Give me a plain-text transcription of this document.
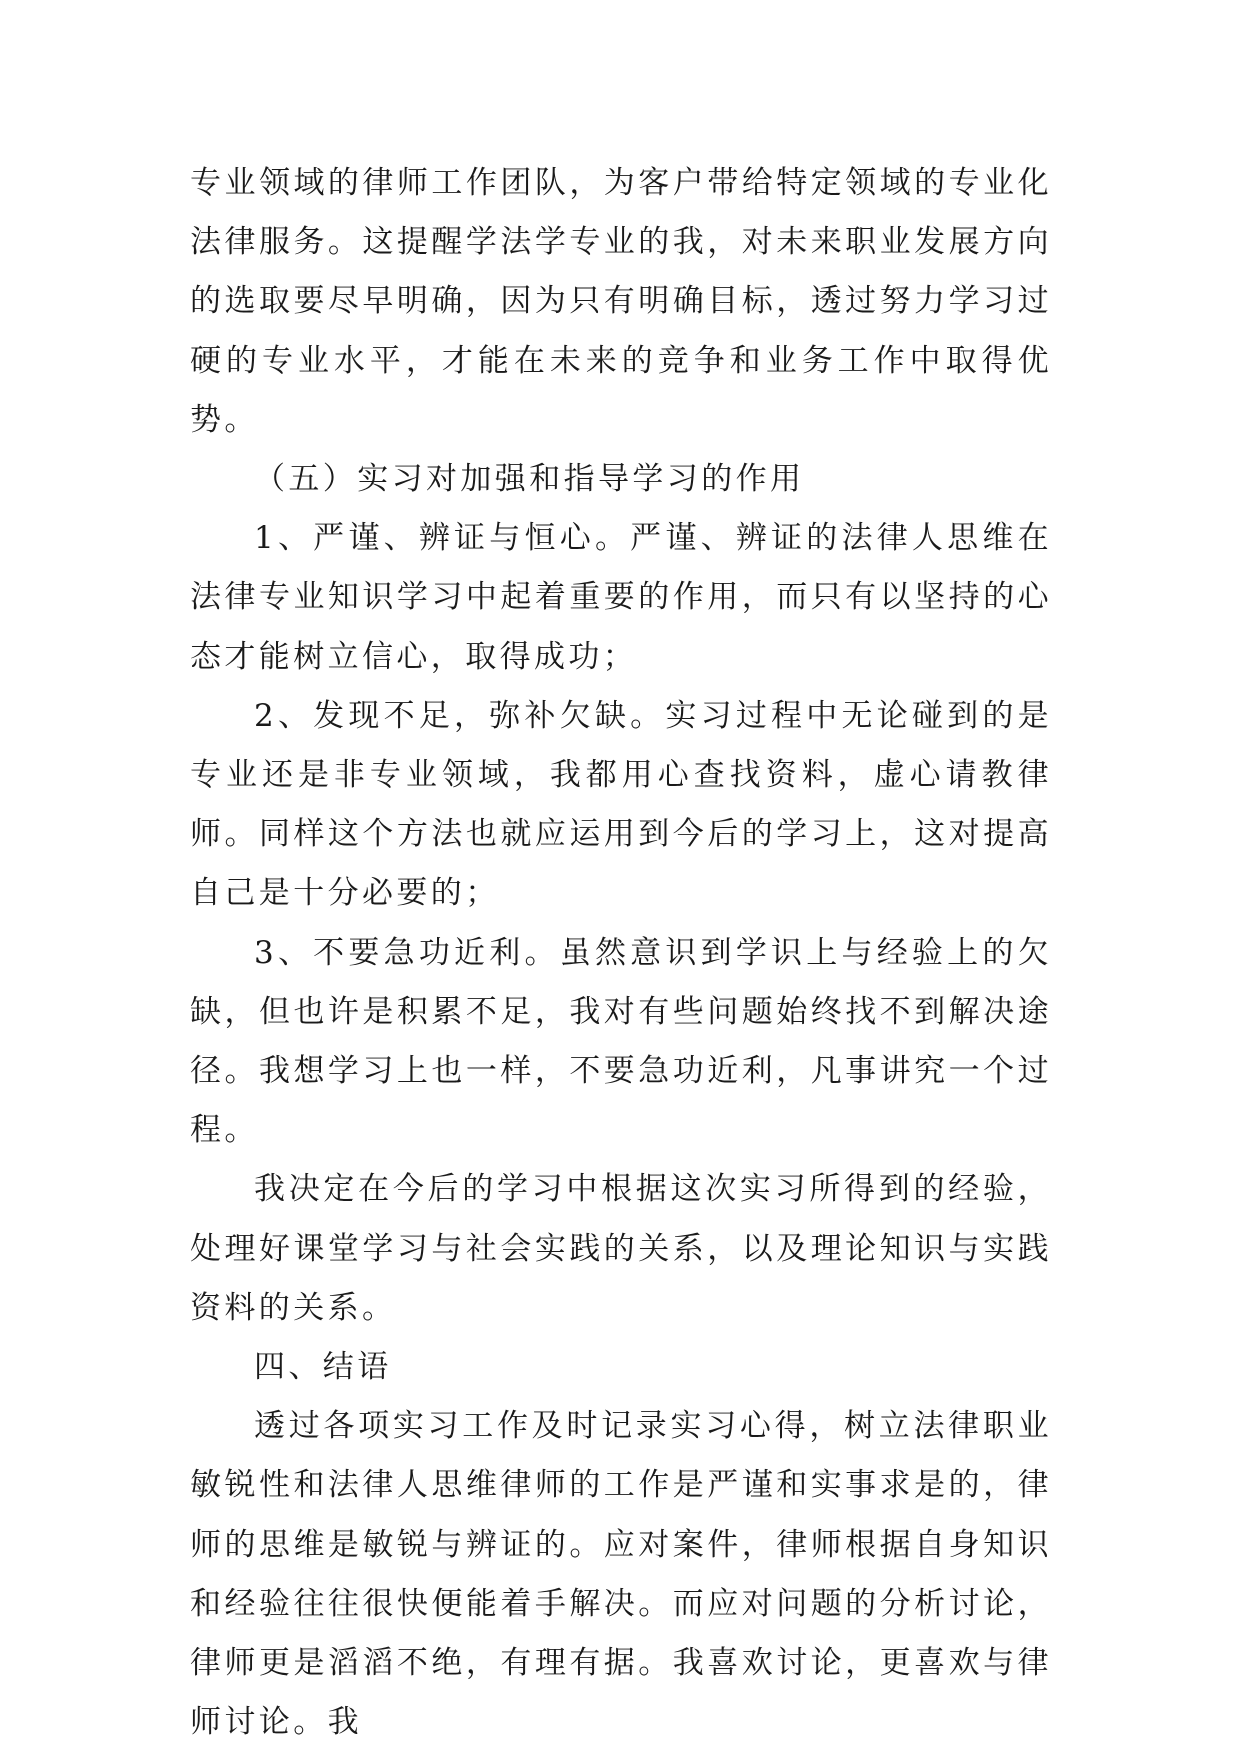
专业领域的律师工作团队，为客户带给特定领域的专业化法律服务。这提醒学法学专业的我，对未来职业发展方向的选取要尽早明确，因为只有明确目标，透过努力学习过硬的专业水平，才能在未来的竞争和业务工作中取得优势。

（五）实习对加强和指导学习的作用

1、严谨、辨证与恒心。严谨、辨证的法律人思维在法律专业知识学习中起着重要的作用，而只有以坚持的心态才能树立信心，取得成功；

2、发现不足，弥补欠缺。实习过程中无论碰到的是专业还是非专业领域，我都用心查找资料，虚心请教律师。同样这个方法也就应运用到今后的学习上，这对提高自己是十分必要的；

3、不要急功近利。虽然意识到学识上与经验上的欠缺，但也许是积累不足，我对有些问题始终找不到解决途径。我想学习上也一样，不要急功近利，凡事讲究一个过程。

我决定在今后的学习中根据这次实习所得到的经验，处理好课堂学习与社会实践的关系，以及理论知识与实践资料的关系。

四、结语

透过各项实习工作及时记录实习心得，树立法律职业敏锐性和法律人思维律师的工作是严谨和实事求是的，律师的思维是敏锐与辨证的。应对案件，律师根据自身知识和经验往往很快便能着手解决。而应对问题的分析讨论，律师更是滔滔不绝，有理有据。我喜欢讨论，更喜欢与律师讨论。我
